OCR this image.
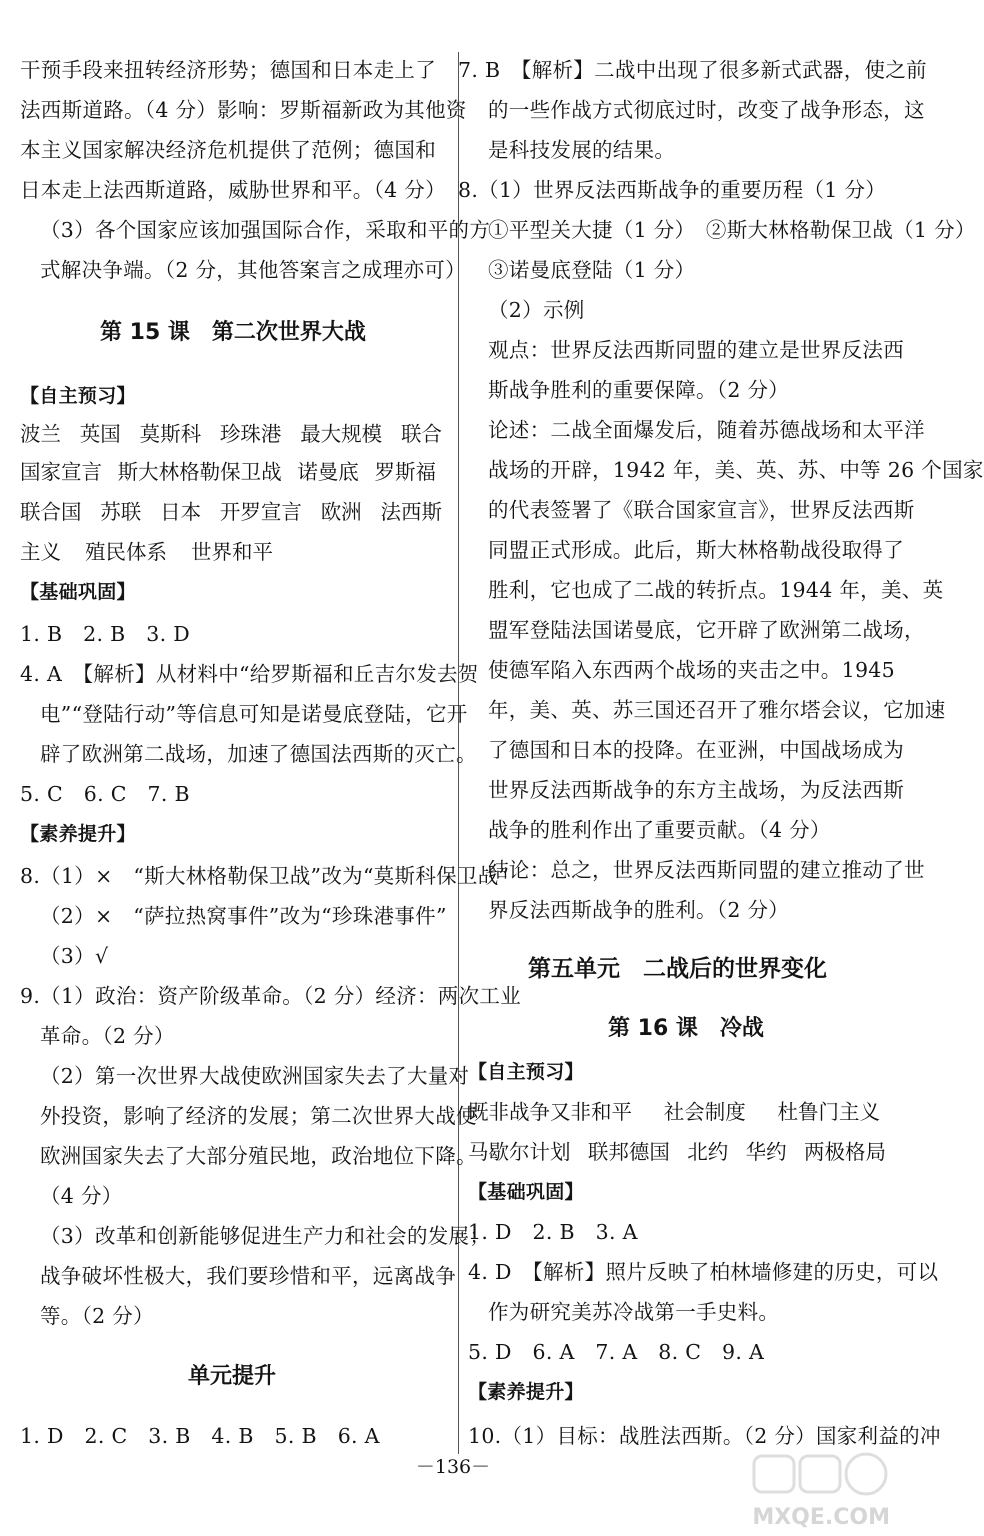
干预手段来扭转经济形势；德国和日本走上了
法西斯道路。（4 分）影响：罗斯福新政为其他资
本主义国家解决经济危机提供了范例；德国和
日本走上法西斯道路，威胁世界和平。（4 分）
（3）各个国家应该加强国际合作，采取和平的方
式解决争端。（2 分，其他答案言之成理亦可）
第 15 课　第二次世界大战
【自主预习】
波兰 英国 莫斯科 珍珠港 最大规模 联合
国家宣言 斯大林格勒保卫战 诺曼底 罗斯福
联合国 苏联 日本 开罗宣言 欧洲 法西斯
主义 殖民体系 世界和平
【基础巩固】
1. B　2. B　3. D
4. A　【解析】从材料中“给罗斯福和丘吉尔发去贺
电”“登陆行动”等信息可知是诺曼底登陆，它开
辟了欧洲第二战场，加速了德国法西斯的灭亡。
5. C　6. C　7. B
【素养提升】
8.（1）×　“斯大林格勒保卫战”改为“莫斯科保卫战”
（2）×　“萨拉热窝事件”改为“珍珠港事件”
（3）√
9.（1）政治：资产阶级革命。（2 分）经济：两次工业
革命。（2 分）
（2）第一次世界大战使欧洲国家失去了大量对
外投资，影响了经济的发展；第二次世界大战使
欧洲国家失去了大部分殖民地，政治地位下降。
（4 分）
（3）改革和创新能够促进生产力和社会的发展；
战争破坏性极大，我们要珍惜和平，远离战争
等。（2 分）
单元提升
1. D　2. C　3. B　4. B　5. B　6. A
7. B　【解析】二战中出现了很多新式武器，使之前
的一些作战方式彻底过时，改变了战争形态，这
是科技发展的结果。
8.（1）世界反法西斯战争的重要历程（1 分）
①平型关大捷（1 分）　②斯大林格勒保卫战（1 分）
③诺曼底登陆（1 分）
（2）示例
观点：世界反法西斯同盟的建立是世界反法西
斯战争胜利的重要保障。（2 分）
论述：二战全面爆发后，随着苏德战场和太平洋
战场的开辟，1942 年，美、英、苏、中等 26 个国家
的代表签署了《联合国家宣言》，世界反法西斯
同盟正式形成。此后，斯大林格勒战役取得了
胜利，它也成了二战的转折点。1944 年，美、英
盟军登陆法国诺曼底，它开辟了欧洲第二战场，
使德军陷入东西两个战场的夹击之中。1945
年，美、英、苏三国还召开了雅尔塔会议，它加速
了德国和日本的投降。在亚洲，中国战场成为
世界反法西斯战争的东方主战场，为反法西斯
战争的胜利作出了重要贡献。（4 分）
结论：总之，世界反法西斯同盟的建立推动了世
界反法西斯战争的胜利。（2 分）
第五单元　二战后的世界变化
第 16 课　冷战
【自主预习】
既非战争又非和平 社会制度 杜鲁门主义
马歇尔计划 联邦德国 北约 华约 两极格局
【基础巩固】
1. D　2. B　3. A
4. D　【解析】照片反映了柏林墙修建的历史，可以
作为研究美苏冷战第一手史料。
5. D　6. A　7. A　8. C　9. A
【素养提升】
10.（1）目标：战胜法西斯。（2 分）国家利益的冲
－136－
MXQE.COM
